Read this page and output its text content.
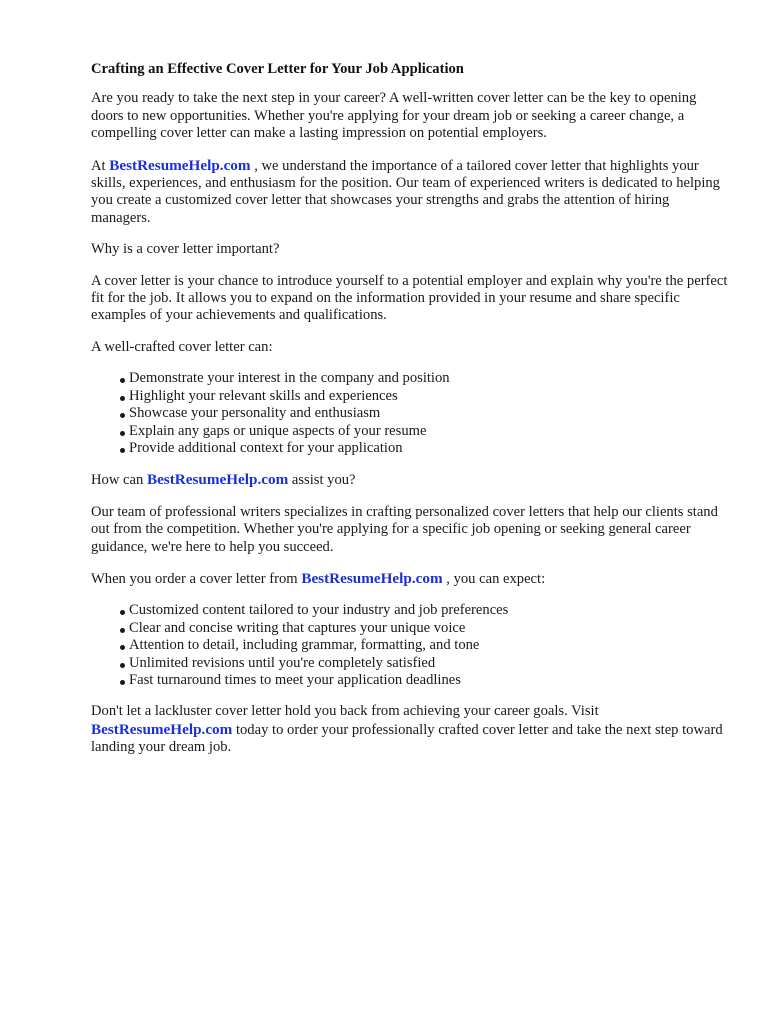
Crafting an Effective Cover Letter for Your Job Application

Are you ready to take the next step in your career? A well-written cover letter can be the key to opening doors to new opportunities. Whether you're applying for your dream job or seeking a career change, a compelling cover letter can make a lasting impression on potential employers.

At BestResumeHelp.com , we understand the importance of a tailored cover letter that highlights your skills, experiences, and enthusiasm for the position. Our team of experienced writers is dedicated to helping you create a customized cover letter that showcases your strengths and grabs the attention of hiring managers.

Why is a cover letter important?

A cover letter is your chance to introduce yourself to a potential employer and explain why you're the perfect fit for the job. It allows you to expand on the information provided in your resume and share specific examples of your achievements and qualifications.

A well-crafted cover letter can:

Demonstrate your interest in the company and position
Highlight your relevant skills and experiences
Showcase your personality and enthusiasm
Explain any gaps or unique aspects of your resume
Provide additional context for your application

How can BestResumeHelp.com assist you?

Our team of professional writers specializes in crafting personalized cover letters that help our clients stand out from the competition. Whether you're applying for a specific job opening or seeking general career guidance, we're here to help you succeed.

When you order a cover letter from BestResumeHelp.com , you can expect:

Customized content tailored to your industry and job preferences
Clear and concise writing that captures your unique voice
Attention to detail, including grammar, formatting, and tone
Unlimited revisions until you're completely satisfied
Fast turnaround times to meet your application deadlines

Don't let a lackluster cover letter hold you back from achieving your career goals. Visit BestResumeHelp.com today to order your professionally crafted cover letter and take the next step toward landing your dream job.
